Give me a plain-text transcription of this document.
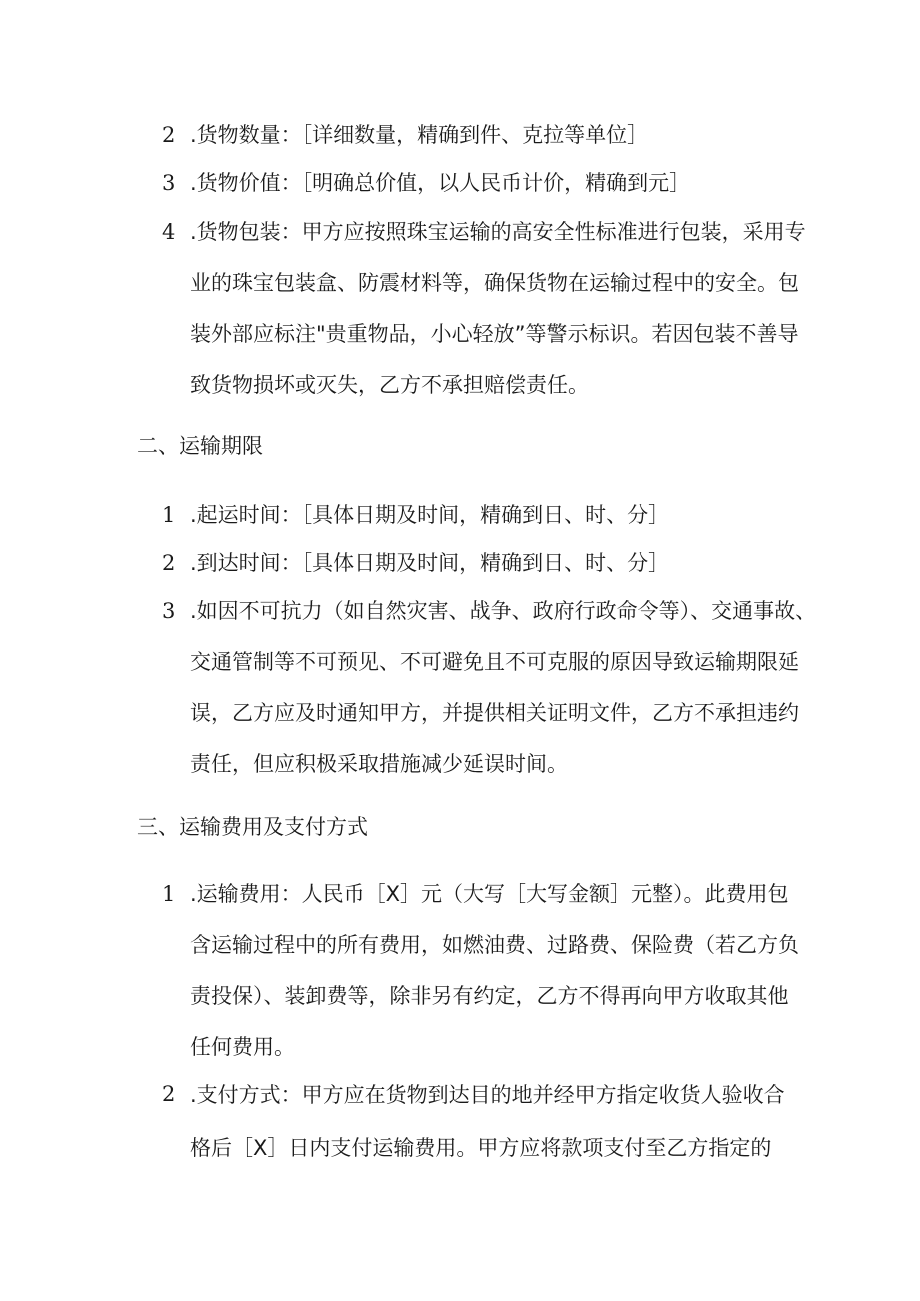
2 .货物数量：［详细数量，精确到件、克拉等单位］
3 .货物价值：［明确总价值，以人民币计价，精确到元］
4 .货物包装：甲方应按照珠宝运输的高安全性标准进行包装，采用专
业的珠宝包装盒、防震材料等，确保货物在运输过程中的安全。包
装外部应标注"贵重物品，小心轻放”等警示标识。若因包装不善导
致货物损坏或灭失，乙方不承担赔偿责任。
二、运输期限
1 .起运时间：［具体日期及时间，精确到日、时、分］
2 .到达时间：［具体日期及时间，精确到日、时、分］
3 .如因不可抗力（如自然灾害、战争、政府行政命令等）、交通事故、
交通管制等不可预见、不可避免且不可克服的原因导致运输期限延
误，乙方应及时通知甲方，并提供相关证明文件，乙方不承担违约
责任，但应积极采取措施减少延误时间。
三、运输费用及支付方式
1 .运输费用：人民币［X］元（大写［大写金额］元整）。此费用包
含运输过程中的所有费用，如燃油费、过路费、保险费（若乙方负
责投保）、装卸费等，除非另有约定，乙方不得再向甲方收取其他
任何费用。
2 .支付方式：甲方应在货物到达目的地并经甲方指定收货人验收合
格后［X］日内支付运输费用。甲方应将款项支付至乙方指定的
